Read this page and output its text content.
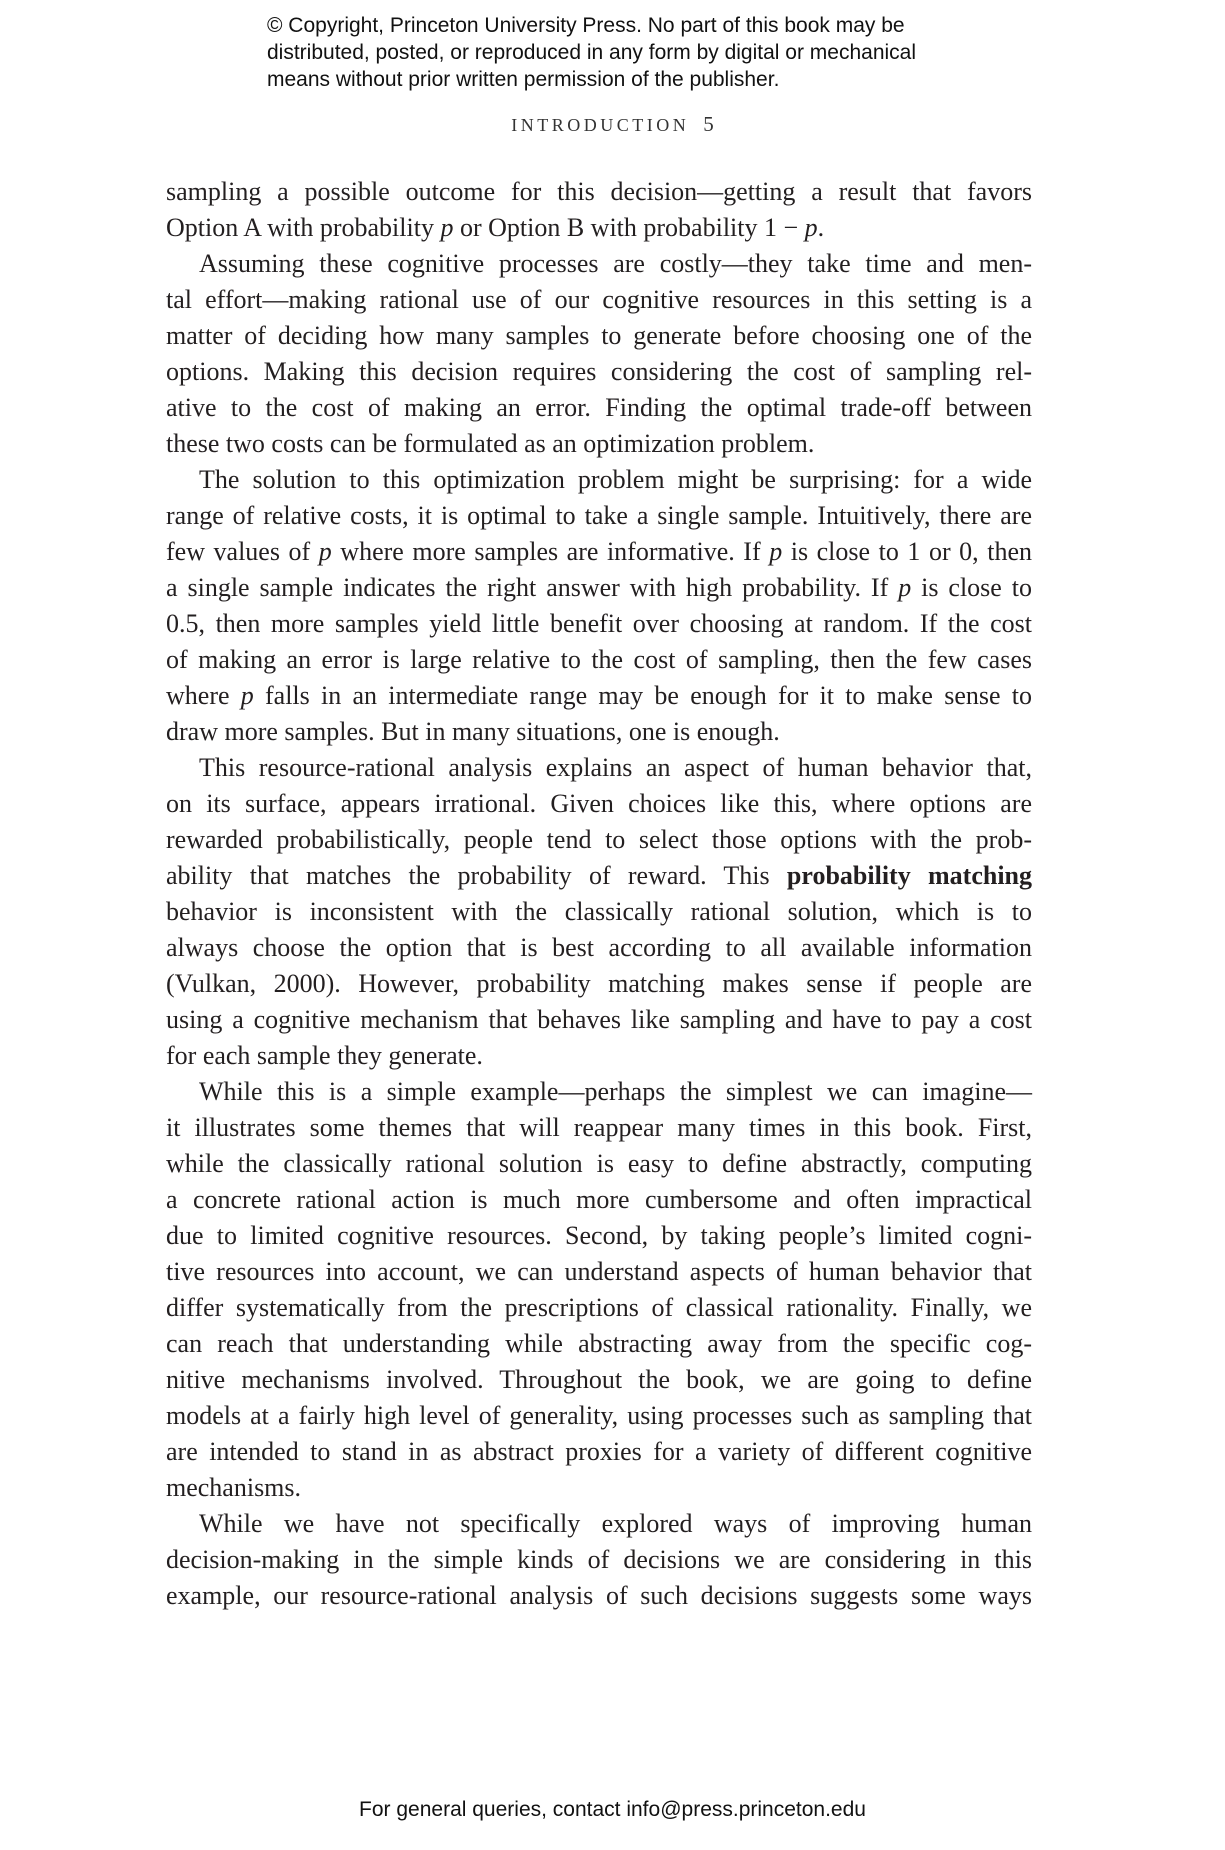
© Copyright, Princeton University Press. No part of this book may be
distributed, posted, or reproduced in any form by digital or mechanical
means without prior written permission of the publisher.
INTRODUCTION 5
sampling a possible outcome for this decision—getting a result that favors
Option A with probability p or Option B with probability 1 − p.
Assuming these cognitive processes are costly—they take time and men-
tal effort—making rational use of our cognitive resources in this setting is a
matter of deciding how many samples to generate before choosing one of the
options. Making this decision requires considering the cost of sampling rel-
ative to the cost of making an error. Finding the optimal trade-off between
these two costs can be formulated as an optimization problem.
The solution to this optimization problem might be surprising: for a wide
range of relative costs, it is optimal to take a single sample. Intuitively, there are
few values of p where more samples are informative. If p is close to 1 or 0, then
a single sample indicates the right answer with high probability. If p is close to
0.5, then more samples yield little benefit over choosing at random. If the cost
of making an error is large relative to the cost of sampling, then the few cases
where p falls in an intermediate range may be enough for it to make sense to
draw more samples. But in many situations, one is enough.
This resource-rational analysis explains an aspect of human behavior that,
on its surface, appears irrational. Given choices like this, where options are
rewarded probabilistically, people tend to select those options with the prob-
ability that matches the probability of reward. This probability matching
behavior is inconsistent with the classically rational solution, which is to
always choose the option that is best according to all available information
(Vulkan, 2000). However, probability matching makes sense if people are
using a cognitive mechanism that behaves like sampling and have to pay a cost
for each sample they generate.
While this is a simple example—perhaps the simplest we can imagine—
it illustrates some themes that will reappear many times in this book. First,
while the classically rational solution is easy to define abstractly, computing
a concrete rational action is much more cumbersome and often impractical
due to limited cognitive resources. Second, by taking people’s limited cogni-
tive resources into account, we can understand aspects of human behavior that
differ systematically from the prescriptions of classical rationality. Finally, we
can reach that understanding while abstracting away from the specific cog-
nitive mechanisms involved. Throughout the book, we are going to define
models at a fairly high level of generality, using processes such as sampling that
are intended to stand in as abstract proxies for a variety of different cognitive
mechanisms.
While we have not specifically explored ways of improving human
decision-making in the simple kinds of decisions we are considering in this
example, our resource-rational analysis of such decisions suggests some ways
For general queries, contact info@press.princeton.edu
